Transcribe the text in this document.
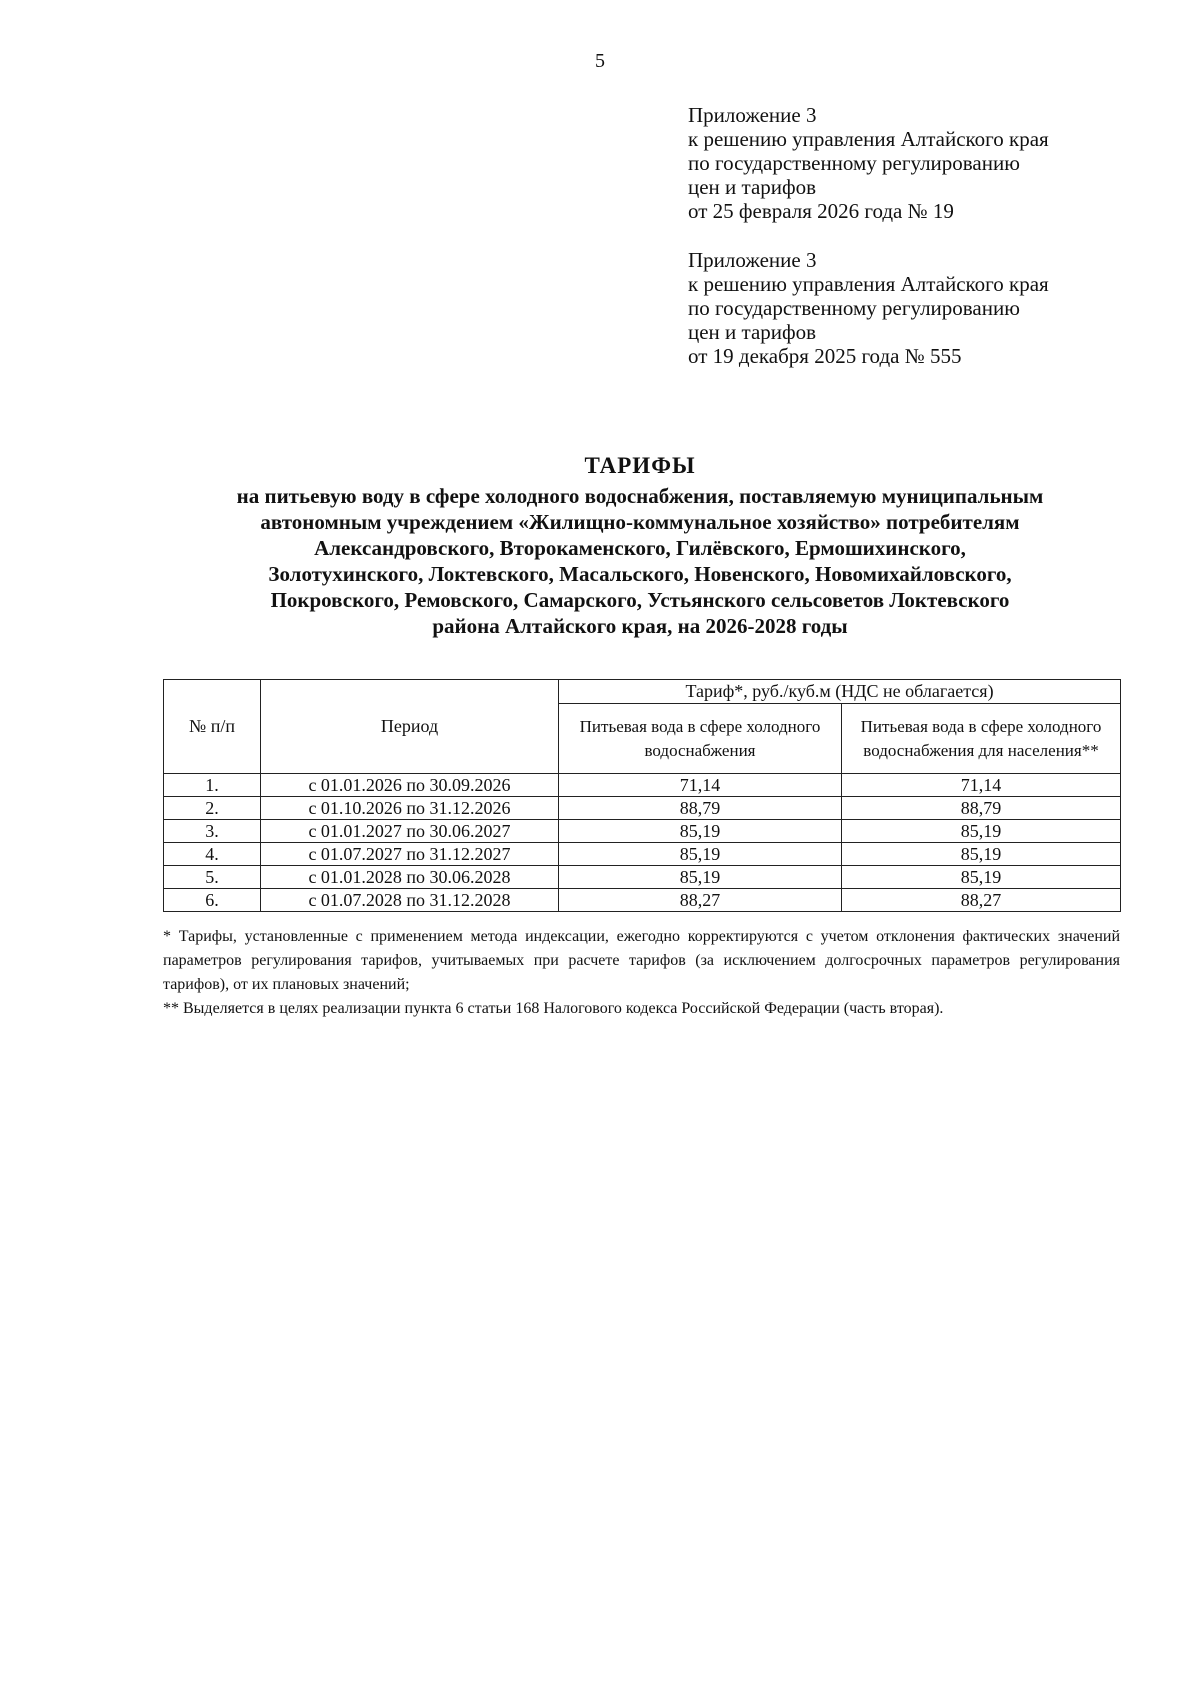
5
Приложение 3
к решению управления Алтайского края
по государственному регулированию
цен и тарифов
от 25 февраля 2026 года № 19
Приложение 3
к решению управления Алтайского края
по государственному регулированию
цен и тарифов
от 19 декабря 2025 года № 555
ТАРИФЫ
на питьевую воду в сфере холодного водоснабжения, поставляемую муниципальным
автономным учреждением «Жилищно-коммунальное хозяйство» потребителям
Александровского, Второкаменского, Гилёвского, Ермошихинского,
Золотухинского, Локтевского, Масальского, Новенского, Новомихайловского,
Покровского, Ремовского, Самарского, Устьянского сельсоветов Локтевского
района Алтайского края, на 2026-2028 годы
№ п/п	Период	Тариф*, руб./куб.м (НДС не облагается)	
		Питьевая вода в сфере холодного водоснабжения	Питьевая вода в сфере холодного водоснабжения для населения**
1.	с 01.01.2026 по 30.09.2026	71,14	71,14
2.	с 01.10.2026 по 31.12.2026	88,79	88,79
3.	с 01.01.2027 по 30.06.2027	85,19	85,19
4.	с 01.07.2027 по 31.12.2027	85,19	85,19
5.	с 01.01.2028 по 30.06.2028	85,19	85,19
6.	с 01.07.2028 по 31.12.2028	88,27	88,27

* Тарифы, установленные с применением метода индексации, ежегодно корректируются с учетом отклонения фактических значений параметров регулирования тарифов, учитываемых при расчете тарифов (за исключением долгосрочных параметров регулирования тарифов), от их плановых значений;

** Выделяется в целях реализации пункта 6 статьи 168 Налогового кодекса Российской Федерации (часть вторая).
